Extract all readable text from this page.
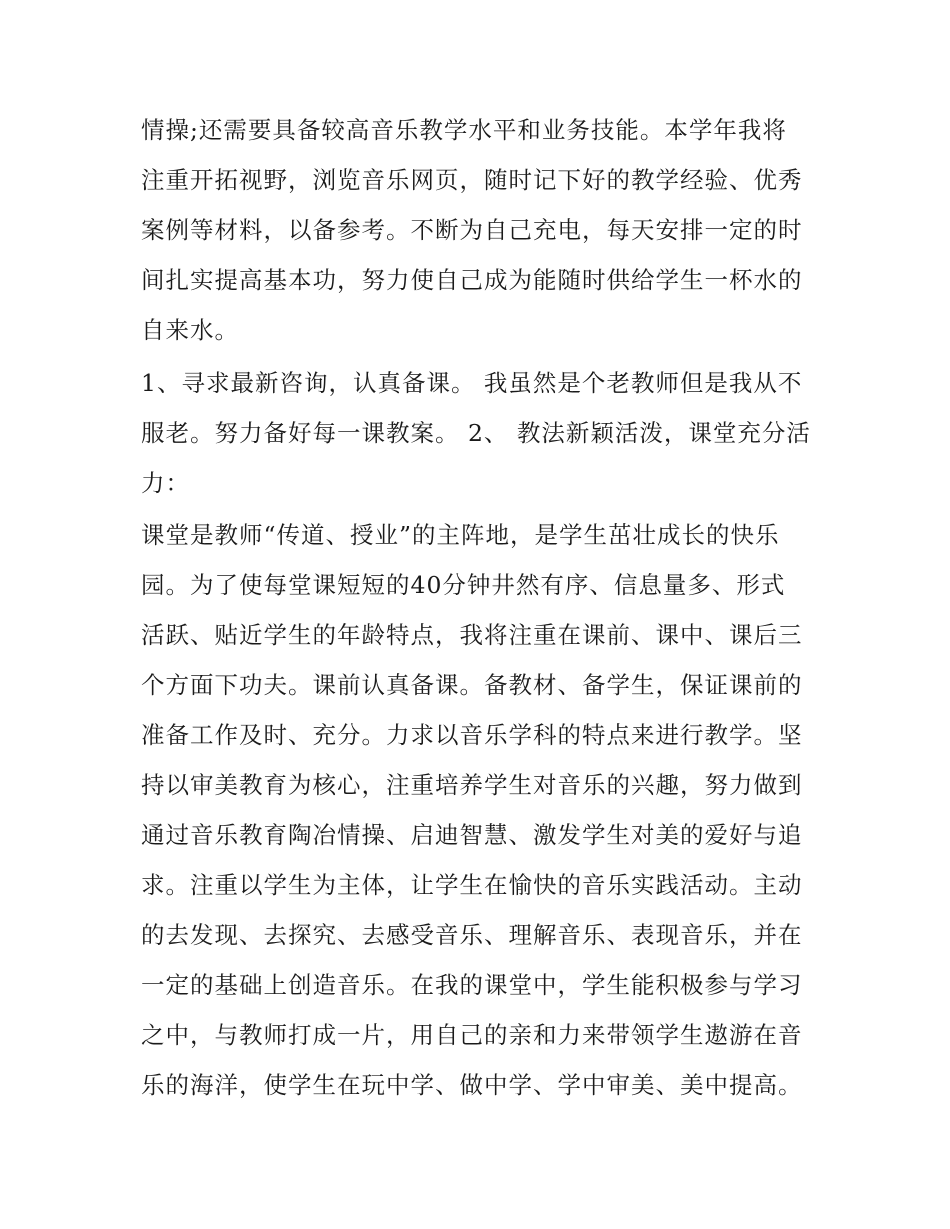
情操;还需要具备较高音乐教学水平和业务技能。本学年我将
注重开拓视野，浏览音乐网页，随时记下好的教学经验、优秀
案例等材料，以备参考。不断为自己充电，每天安排一定的时
间扎实提高基本功，努力使自己成为能随时供给学生一杯水的
自来水。
1、寻求最新咨询，认真备课。 我虽然是个老教师但是我从不
服老。努力备好每一课教案。 2、 教法新颖活泼，课堂充分活
力：
课堂是教师“传道、授业”的主阵地，是学生茁壮成长的快乐
园。为了使每堂课短短的40分钟井然有序、信息量多、形式
活跃、贴近学生的年龄特点，我将注重在课前、课中、课后三
个方面下功夫。课前认真备课。备教材、备学生，保证课前的
准备工作及时、充分。力求以音乐学科的特点来进行教学。坚
持以审美教育为核心，注重培养学生对音乐的兴趣，努力做到
通过音乐教育陶冶情操、启迪智慧、激发学生对美的爱好与追
求。注重以学生为主体，让学生在愉快的音乐实践活动。主动
的去发现、去探究、去感受音乐、理解音乐、表现音乐，并在
一定的基础上创造音乐。在我的课堂中，学生能积极参与学习
之中，与教师打成一片，用自己的亲和力来带领学生遨游在音
乐的海洋，使学生在玩中学、做中学、学中审美、美中提高。
